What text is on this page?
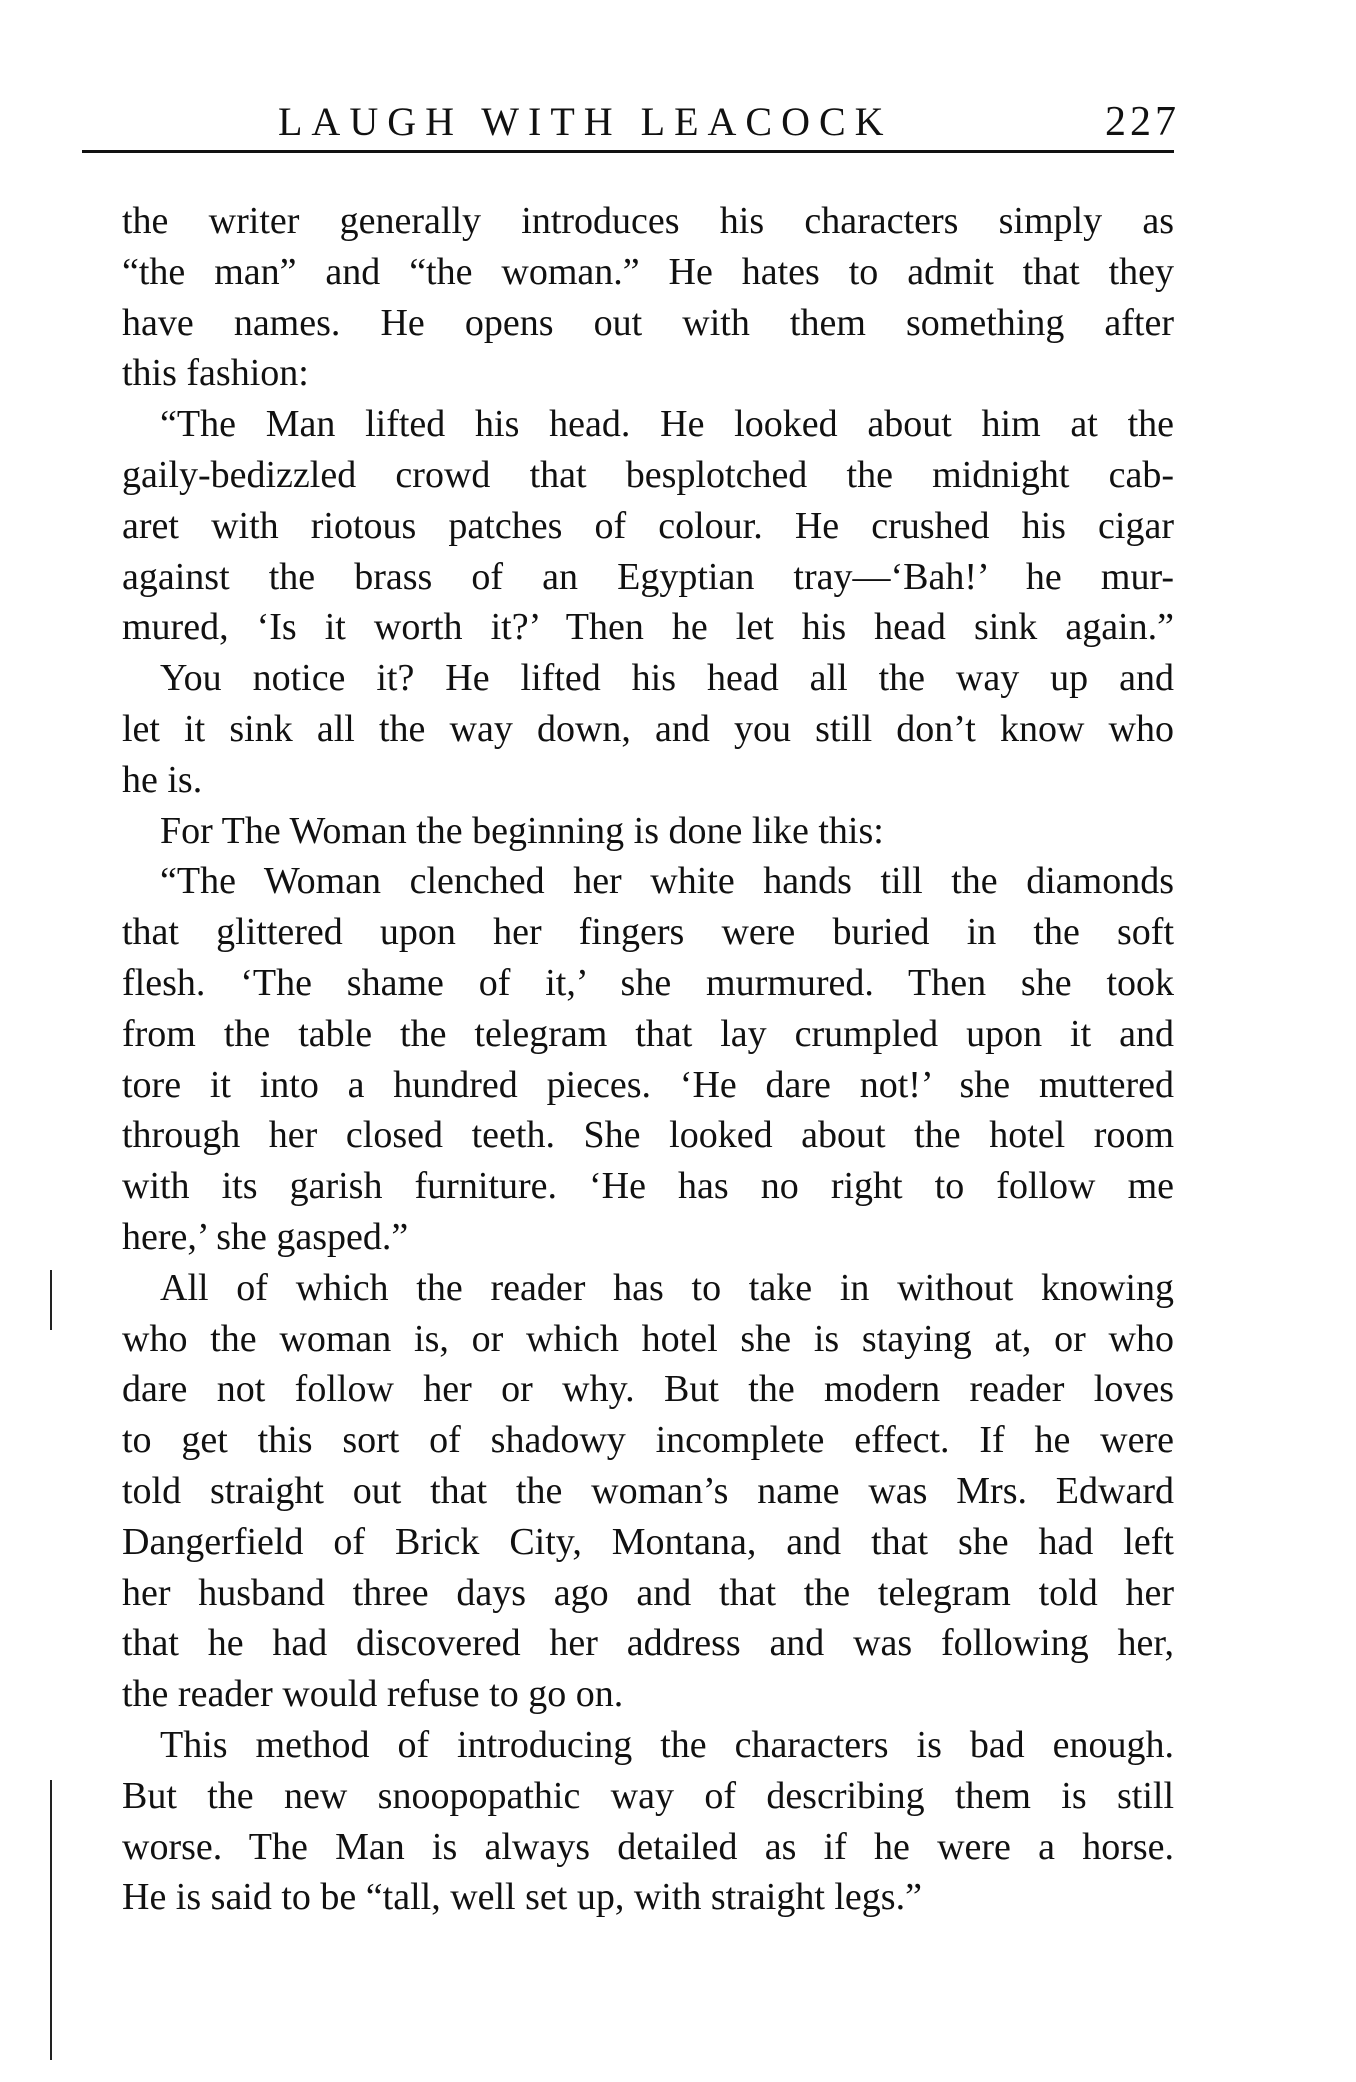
LAUGH WITH LEACOCK	227
the writer generally introduces his characters simply as
“the man” and “the woman.” He hates to admit that they
have names. He opens out with them something after
this fashion:
“The Man lifted his head. He looked about him at the
gaily-bedizzled crowd that besplotched the midnight cab-
aret with riotous patches of colour. He crushed his cigar
against the brass of an Egyptian tray—‘Bah!’ he mur-
mured, ‘Is it worth it?’ Then he let his head sink again.”
You notice it? He lifted his head all the way up and
let it sink all the way down, and you still don’t know who
he is.
For The Woman the beginning is done like this:
“The Woman clenched her white hands till the diamonds
that glittered upon her fingers were buried in the soft
flesh. ‘The shame of it,’ she murmured. Then she took
from the table the telegram that lay crumpled upon it and
tore it into a hundred pieces. ‘He dare not!’ she muttered
through her closed teeth. She looked about the hotel room
with its garish furniture. ‘He has no right to follow me
here,’ she gasped.”
All of which the reader has to take in without knowing
who the woman is, or which hotel she is staying at, or who
dare not follow her or why. But the modern reader loves
to get this sort of shadowy incomplete effect. If he were
told straight out that the woman’s name was Mrs. Edward
Dangerfield of Brick City, Montana, and that she had left
her husband three days ago and that the telegram told her
that he had discovered her address and was following her,
the reader would refuse to go on.
This method of introducing the characters is bad enough.
But the new snoopopathic way of describing them is still
worse. The Man is always detailed as if he were a horse.
He is said to be “tall, well set up, with straight legs.”
